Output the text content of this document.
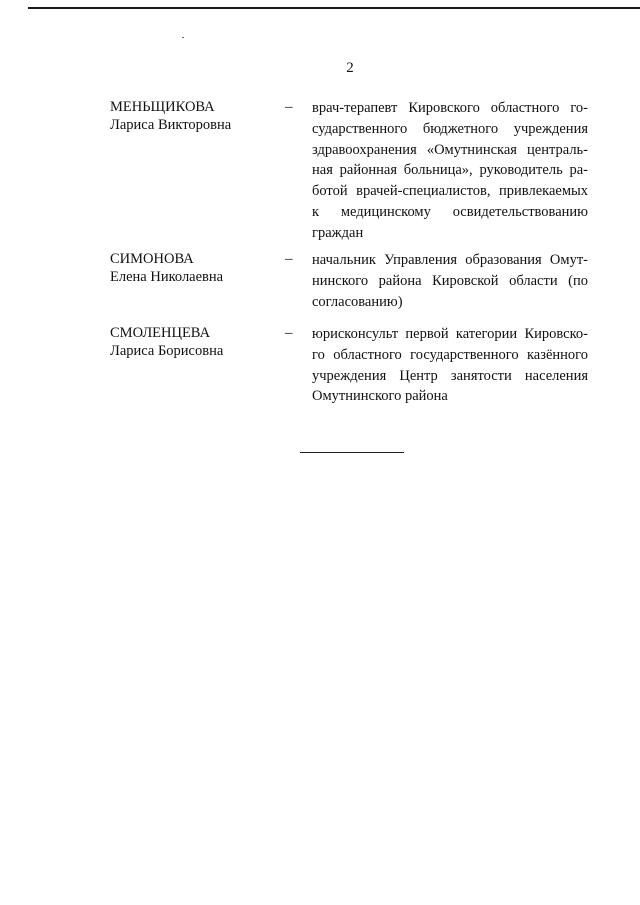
2
МЕНЬЩИКОВА
Лариса Викторовна
– врач-терапевт Кировского областного го-
сударственного бюджетного учреждения
здравоохранения «Омутнинская централь-
ная районная больница», руководитель ра-
ботой врачей-специалистов, привлекаемых
к медицинскому освидетельствованию
граждан
СИМОНОВА
Елена Николаевна
– начальник Управления образования Омут-
нинского района Кировской области (по
согласованию)
СМОЛЕНЦЕВА
Лариса Борисовна
– юрисконсульт первой категории Кировско-
го областного государственного казённого
учреждения Центр занятости населения
Омутнинского района
